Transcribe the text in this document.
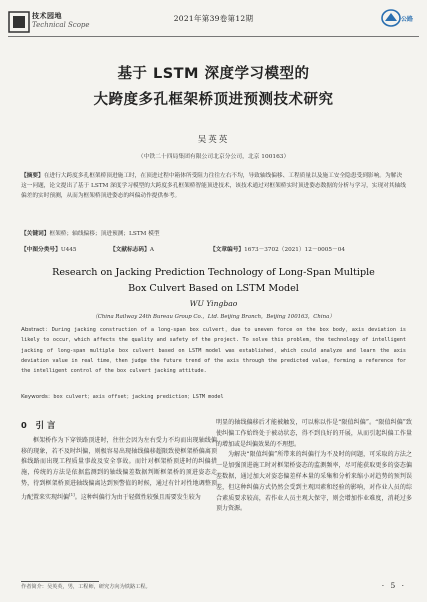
技术园地
Technical Scope
2021年第39卷第12期	公路
基于 LSTM 深度学习模型的
大跨度多孔框架桥顶进预测技术研究
吴英英
（中铁二十四局集团有限公司北京分公司，北京 100163）
【摘要】在进行大跨度多孔框架桥顶进施工时，在顶进过程中箱体所受阻力往往左右不均，导致轴线偏移、工程质量以及施工安全隐患受到影响。为解决这一问题，论文提出了基于 LSTM 深度学习模型的大跨度多孔框架桥智能顶进技术，该技术通过对框架桥实时顶进姿态数据的分析与学习，实现对其轴线偏差的实时预测，从而为框架桥顶进姿态的纠偏动作提供参考。
【关键词】框架桥；轴线偏移；顶进预测；LSTM 模型
【中图分类号】U445	【文献标志码】A	【文章编号】1673－3702（2021）12－0005－04
Research on Jacking Prediction Technology of Long-Span Multiple
Box Culvert Based on LSTM Model
WU Yingbao
（China Railway 24th Bureau Group Co.，Ltd. Beijing Branch，Beijing 100163，China）
Abstract：During jacking construction of a long-span box culvert，due to uneven force on the box body，axis deviation is likely to occur，which affects the quality and safety of the project. To solve this problem，the technology of intelligent jacking of long-span multiple box culvert based on LSTM model was established，which could analyze and learn the axis deviation value in real time，then judge the future trend of the axis through the predicted value，forming a reference for the intelligent control of the box culvert jacking attitude.
Keywords：box culvert；axis offset；jacking prediction；LSTM model
0 引言

框架桥作为下穿铁路顶进时，往往会因为左右受力不均而出现轴线偏移的现象，若不及时纠偏，则极容易出现轴线偏移超限致使框架桥偏离顶推线路而出现工程质量事故及安全事故。而针对框架桥顶进时的纠偏措施，传统的方法是依据监测到的轴线偏差数据判断框架桥的顶进姿态走势，待到框架桥顶进轴线偏离达到预警值的时候，通过有针对性地调整顶力配置来实现纠偏[1]。这种纠偏行为由于轻微性较强且需要发生较为

明显的轴线偏移后才能被触发，可以称以作是“限值纠偏”。“限值纠偏”致使纠偏工作始终处于被动状态，得不到良好的开展，从而引起纠偏工作量的增加或是纠偏效果的不理想。

为解决“限值纠偏”所带来的纠偏行为不及时的问题，可采取的方法之一是加强顶进施工时对框架桥姿态的监测频率，尽可能获取更多的姿态偏差数据，通过加大对姿态偏差样本量的采集和分析来缩小对趋势的预判误差，但这种纠偏方式仍然会受到主观因素和经验的影响，对作业人员的综合素质要求较高，若作业人员主观大保守，则会增加作业难度，消耗过多顶力资源。

作者简介：吴英英，男，工程师，研究方向为铁路工程。	· 5 ·
